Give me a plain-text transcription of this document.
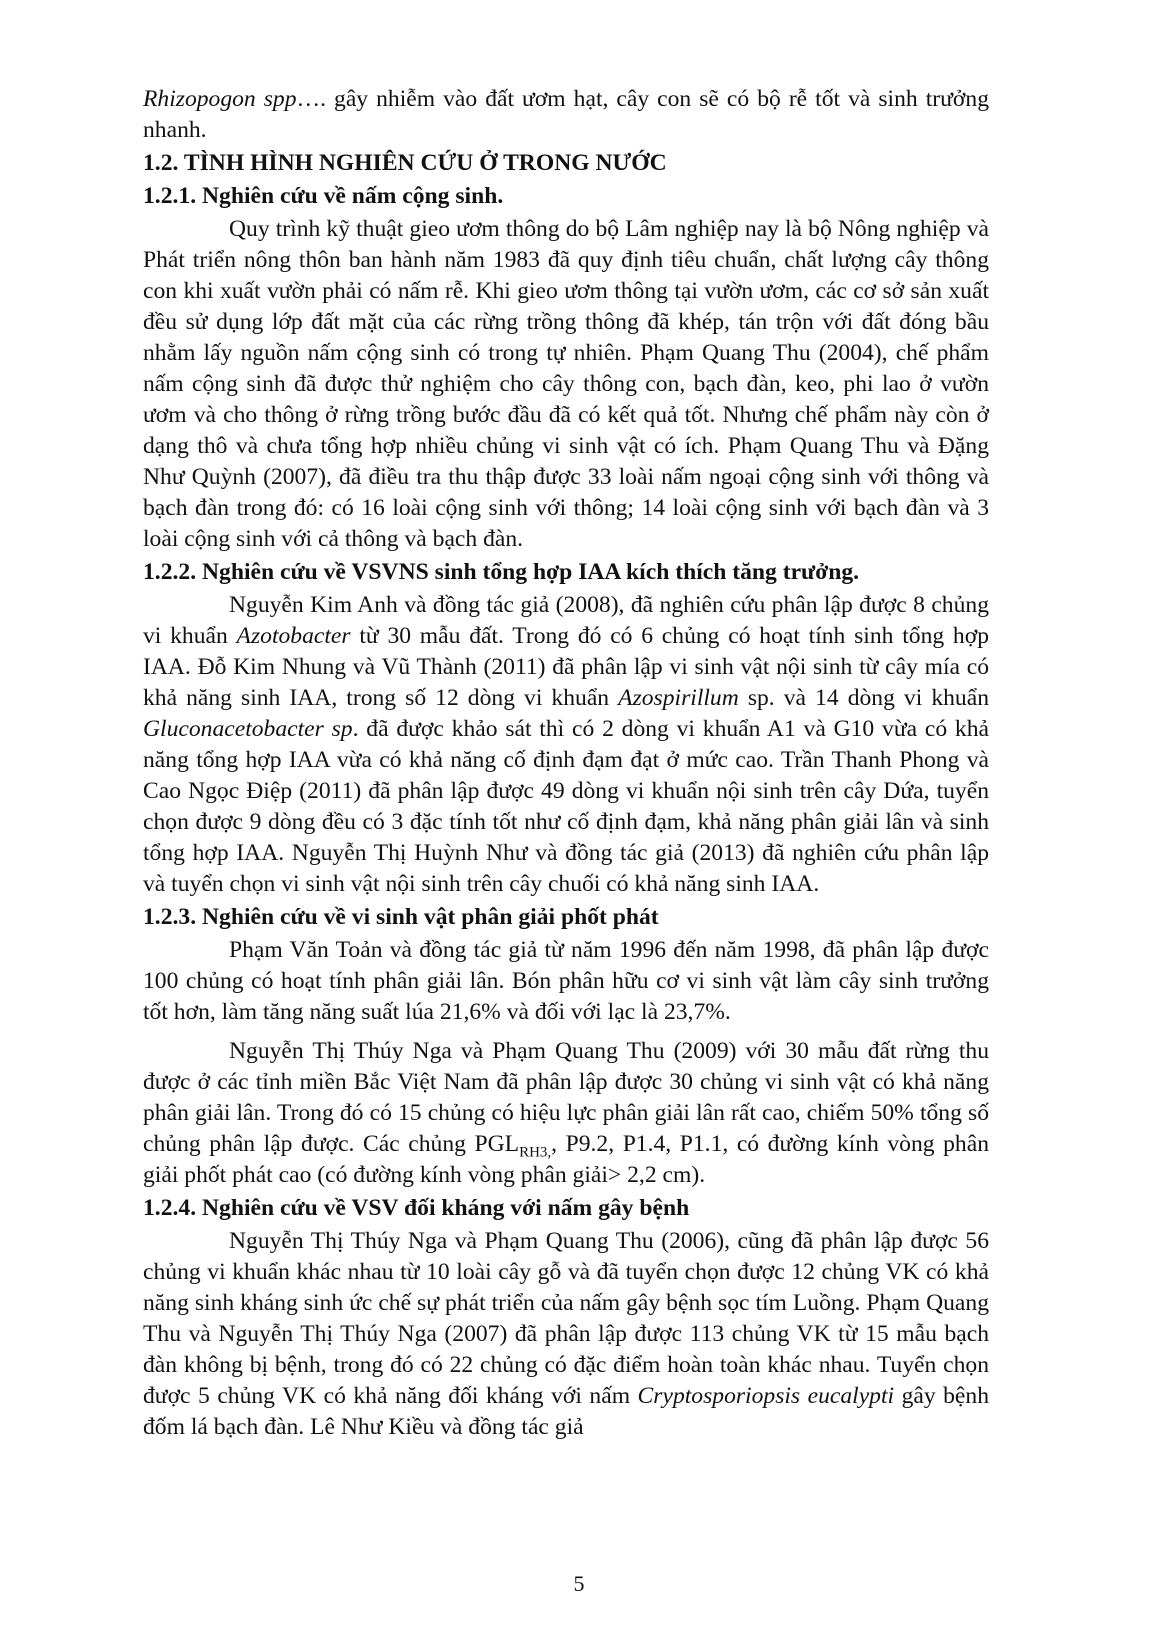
Rhizopogon spp…. gây nhiễm vào đất ươm hạt, cây con sẽ có bộ rễ tốt và sinh trưởng nhanh.

1.2. TÌNH HÌNH NGHIÊN CỨU Ở TRONG NƯỚC
1.2.1. Nghiên cứu về nấm cộng sinh.

Quy trình kỹ thuật gieo ươm thông do bộ Lâm nghiệp nay là bộ Nông nghiệp và Phát triển nông thôn ban hành năm 1983 đã quy định tiêu chuẩn, chất lượng cây thông con khi xuất vườn phải có nấm rễ. Khi gieo ươm thông tại vườn ươm, các cơ sở sản xuất đều sử dụng lớp đất mặt của các rừng trồng thông đã khép, tán trộn với đất đóng bầu nhằm lấy nguồn nấm cộng sinh có trong tự nhiên. Phạm Quang Thu (2004), chế phẩm nấm cộng sinh đã được thử nghiệm cho cây thông con, bạch đàn, keo, phi lao ở vườn ươm và cho thông ở rừng trồng bước đầu đã có kết quả tốt. Nhưng chế phẩm này còn ở dạng thô và chưa tổng hợp nhiều chủng vi sinh vật có ích. Phạm Quang Thu và Đặng Như Quỳnh (2007), đã điều tra thu thập được 33 loài nấm ngoại cộng sinh với thông và bạch đàn trong đó: có 16 loài cộng sinh với thông; 14 loài cộng sinh với bạch đàn và 3 loài cộng sinh với cả thông và bạch đàn.

1.2.2. Nghiên cứu về VSVNS sinh tổng hợp IAA kích thích tăng trưởng.

Nguyễn Kim Anh và đồng tác giả (2008), đã nghiên cứu phân lập được 8 chủng vi khuẩn Azotobacter từ 30 mẫu đất. Trong đó có 6 chủng có hoạt tính sinh tổng hợp IAA. Đỗ Kim Nhung và Vũ Thành (2011) đã phân lập vi sinh vật nội sinh từ cây mía có khả năng sinh IAA, trong số 12 dòng vi khuẩn Azospirillum sp. và 14 dòng vi khuẩn Gluconacetobacter sp. đã được khảo sát thì có 2 dòng vi khuẩn A1 và G10 vừa có khả năng tổng hợp IAA vừa có khả năng cố định đạm đạt ở mức cao. Trần Thanh Phong và Cao Ngọc Điệp (2011) đã phân lập được 49 dòng vi khuẩn nội sinh trên cây Dứa, tuyển chọn được 9 dòng đều có 3 đặc tính tốt như cố định đạm, khả năng phân giải lân và sinh tổng hợp IAA. Nguyễn Thị Huỳnh Như và đồng tác giả (2013) đã nghiên cứu phân lập và tuyển chọn vi sinh vật nội sinh trên cây chuối có khả năng sinh IAA.

1.2.3. Nghiên cứu về vi sinh vật phân giải phốt phát

Phạm Văn Toản và đồng tác giả từ năm 1996 đến năm 1998, đã phân lập được 100 chủng có hoạt tính phân giải lân. Bón phân hữu cơ vi sinh vật làm cây sinh trưởng tốt hơn, làm tăng năng suất lúa 21,6% và đối với lạc là 23,7%.

Nguyễn Thị Thúy Nga và Phạm Quang Thu (2009) với 30 mẫu đất rừng thu được ở các tỉnh miền Bắc Việt Nam đã phân lập được 30 chủng vi sinh vật có khả năng phân giải lân. Trong đó có 15 chủng có hiệu lực phân giải lân rất cao, chiếm 50% tổng số chủng phân lập được. Các chủng $PGL_{RH3,}$, P9.2, P1.4, P1.1, có đường kính vòng phân giải phốt phát cao (có đường kính vòng phân giải> 2,2 cm).

1.2.4. Nghiên cứu về VSV đối kháng với nấm gây bệnh

Nguyễn Thị Thúy Nga và Phạm Quang Thu (2006), cũng đã phân lập được 56 chủng vi khuẩn khác nhau từ 10 loài cây gỗ và đã tuyển chọn được 12 chủng VK có khả năng sinh kháng sinh ức chế sự phát triển của nấm gây bệnh sọc tím Luồng. Phạm Quang Thu và Nguyễn Thị Thúy Nga (2007) đã phân lập được 113 chủng VK từ 15 mẫu bạch đàn không bị bệnh, trong đó có 22 chủng có đặc điểm hoàn toàn khác nhau. Tuyển chọn được 5 chủng VK có khả năng đối kháng với nấm Cryptosporiopsis eucalypti gây bệnh đốm lá bạch đàn. Lê Như Kiều và đồng tác giả

5
